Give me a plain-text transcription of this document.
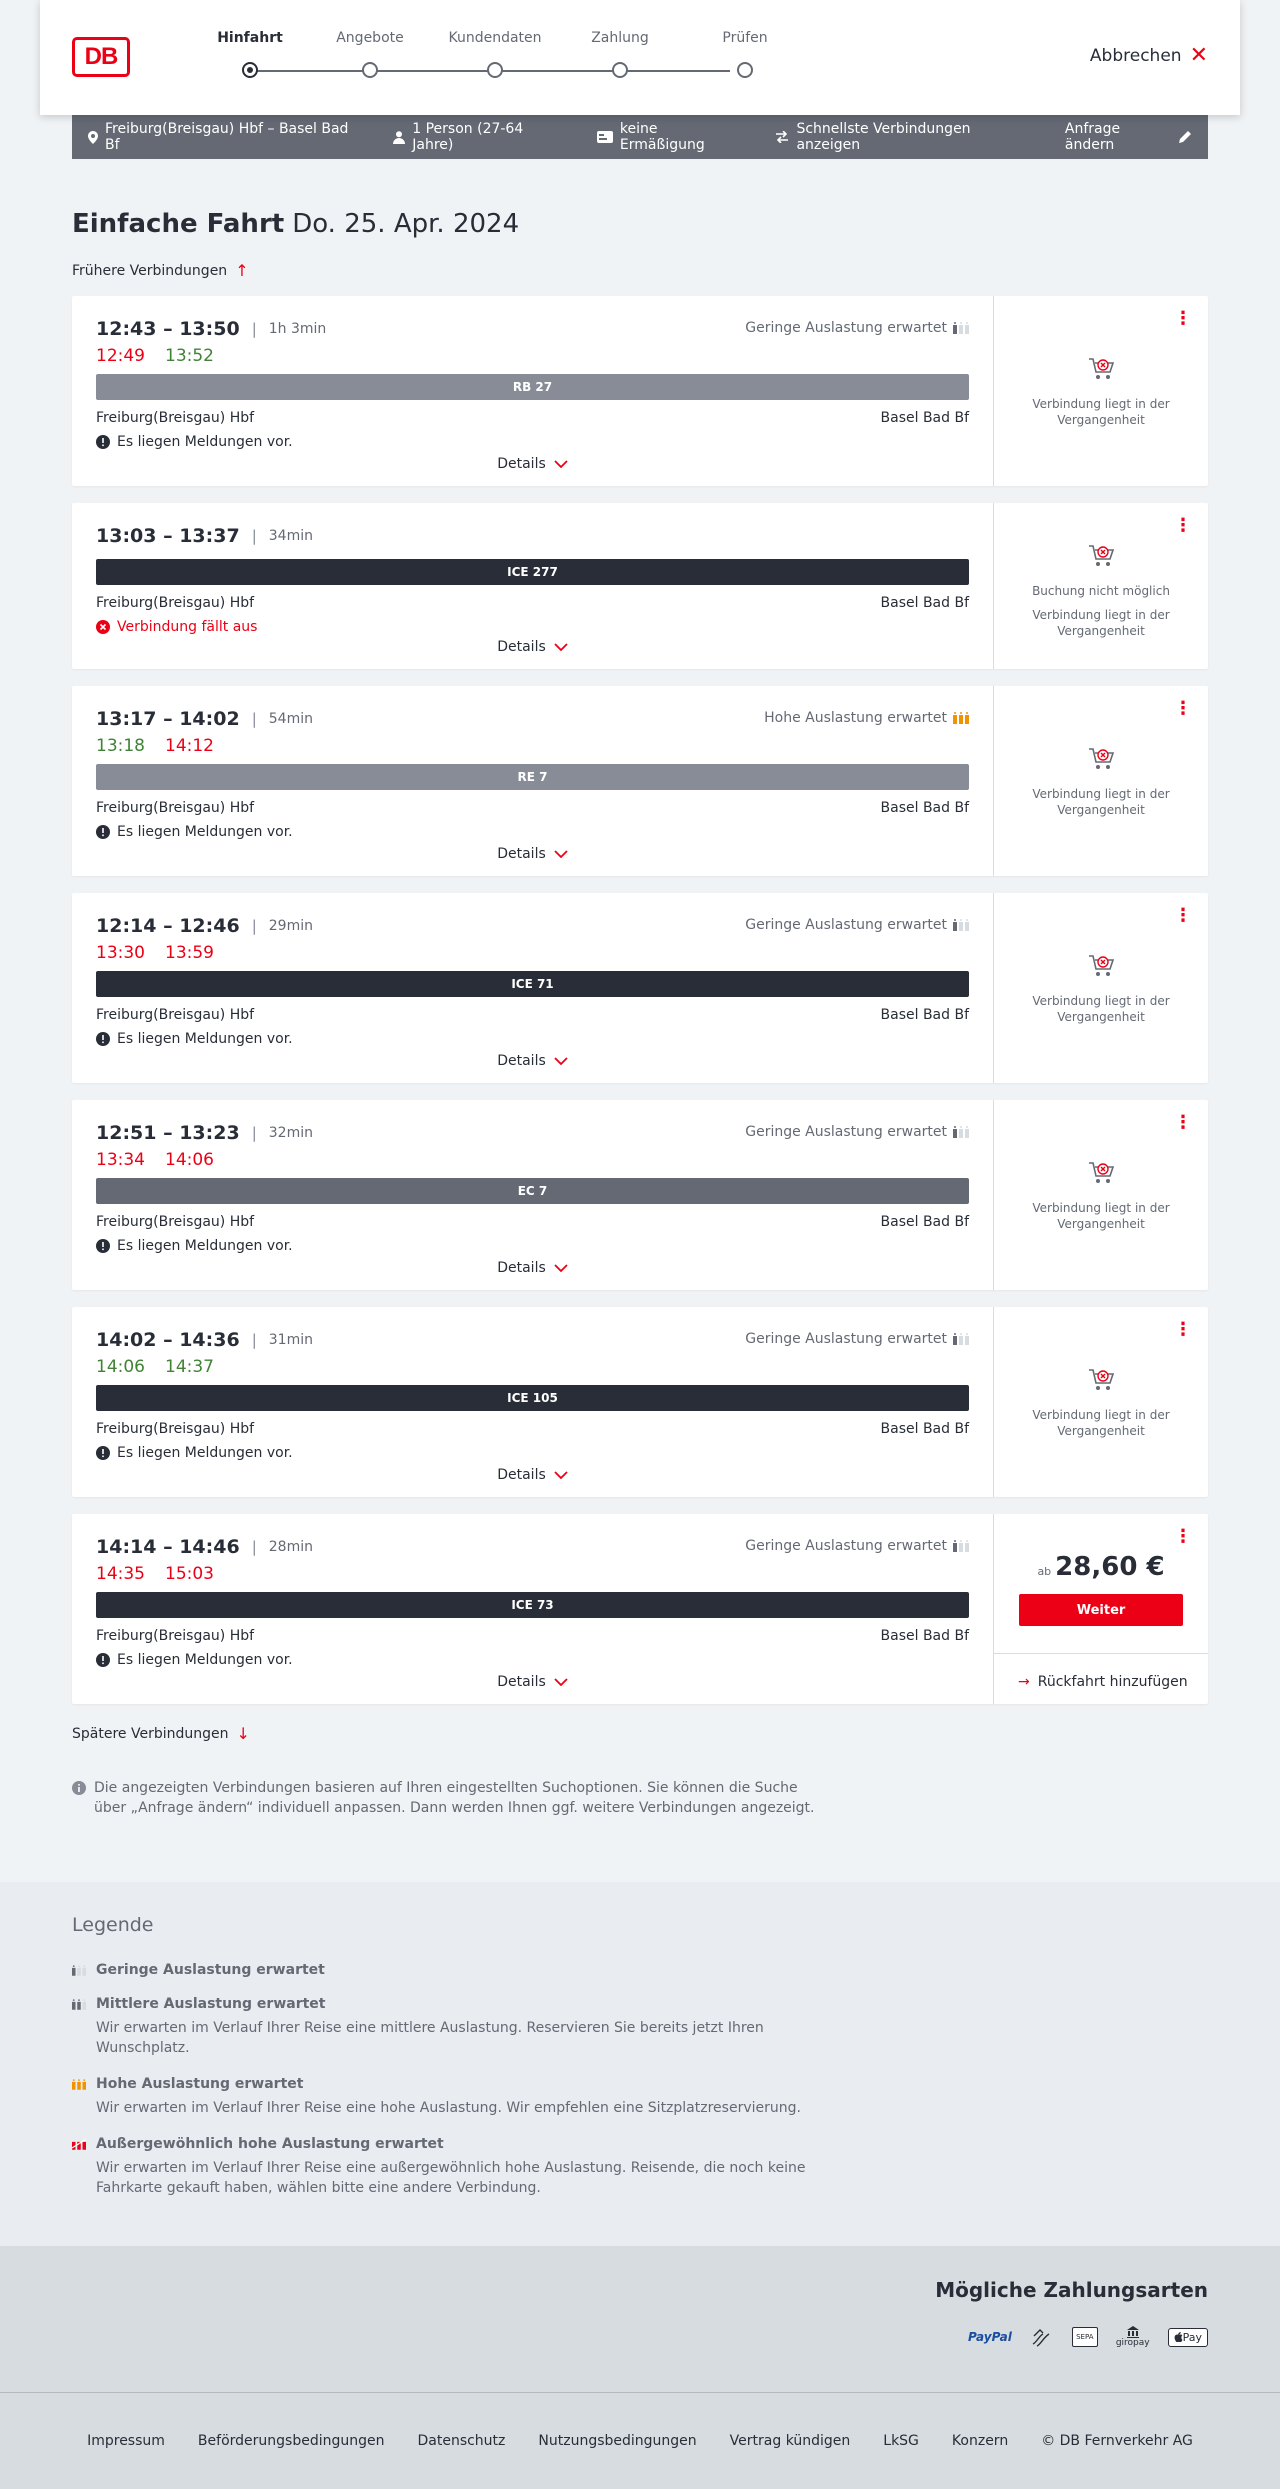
DB
Hinfahrt	Angebote	Kundendaten	Zahlung	Prüfen
Abbrechen ✕
Freiburg(Breisgau) Hbf – Basel Bad Bf
1 Person (27-64 Jahre)
keine Ermäßigung
Schnellste Verbindungen anzeigen
Anfrage ändern
Einfache Fahrt Do. 25. Apr. 2024
Frühere Verbindungen ↑
12:43 – 13:50 | 1h 3min	Geringe Auslastung erwartet
12:49 13:52
RB 27
Freiburg(Breisgau) Hbf	Basel Bad Bf
Es liegen Meldungen vor.
Details
⋮
Verbindung liegt in der Vergangenheit
13:03 – 13:37 | 34min
ICE 277
Freiburg(Breisgau) Hbf	Basel Bad Bf
Verbindung fällt aus
Details
⋮
Buchung nicht möglich
Verbindung liegt in der Vergangenheit
13:17 – 14:02 | 54min	Hohe Auslastung erwartet
13:18 14:12
RE 7
Freiburg(Breisgau) Hbf	Basel Bad Bf
Es liegen Meldungen vor.
Details
⋮
Verbindung liegt in der Vergangenheit
12:14 – 12:46 | 29min	Geringe Auslastung erwartet
13:30 13:59
ICE 71
Freiburg(Breisgau) Hbf	Basel Bad Bf
Es liegen Meldungen vor.
Details
⋮
Verbindung liegt in der Vergangenheit
12:51 – 13:23 | 32min	Geringe Auslastung erwartet
13:34 14:06
EC 7
Freiburg(Breisgau) Hbf	Basel Bad Bf
Es liegen Meldungen vor.
Details
⋮
Verbindung liegt in der Vergangenheit
14:02 – 14:36 | 31min	Geringe Auslastung erwartet
14:06 14:37
ICE 105
Freiburg(Breisgau) Hbf	Basel Bad Bf
Es liegen Meldungen vor.
Details
⋮
Verbindung liegt in der Vergangenheit
14:14 – 14:46 | 28min	Geringe Auslastung erwartet
14:35 15:03
ICE 73
Freiburg(Breisgau) Hbf	Basel Bad Bf
Es liegen Meldungen vor.
Details
⋮
ab 28,60 €
Weiter
→ Rückfahrt hinzufügen
Spätere Verbindungen ↓
Die angezeigten Verbindungen basieren auf Ihren eingestellten Suchoptionen. Sie können die Suche über „Anfrage ändern“ individuell anpassen. Dann werden Ihnen ggf. weitere Verbindungen angezeigt.
Legende
Geringe Auslastung erwartet
Mittlere Auslastung erwartet
Wir erwarten im Verlauf Ihrer Reise eine mittlere Auslastung. Reservieren Sie bereits jetzt Ihren Wunschplatz.
Hohe Auslastung erwartet
Wir erwarten im Verlauf Ihrer Reise eine hohe Auslastung. Wir empfehlen eine Sitzplatzreservierung.
Außergewöhnlich hohe Auslastung erwartet
Wir erwarten im Verlauf Ihrer Reise eine außergewöhnlich hohe Auslastung. Reisende, die noch keine Fahrkarte gekauft haben, wählen bitte eine andere Verbindung.
Mögliche Zahlungsarten
PayPal	SEPA
giropay	Pay
Impressum Beförderungsbedingungen Datenschutz Nutzungsbedingungen Vertrag kündigen LkSG Konzern © DB Fernverkehr AG
